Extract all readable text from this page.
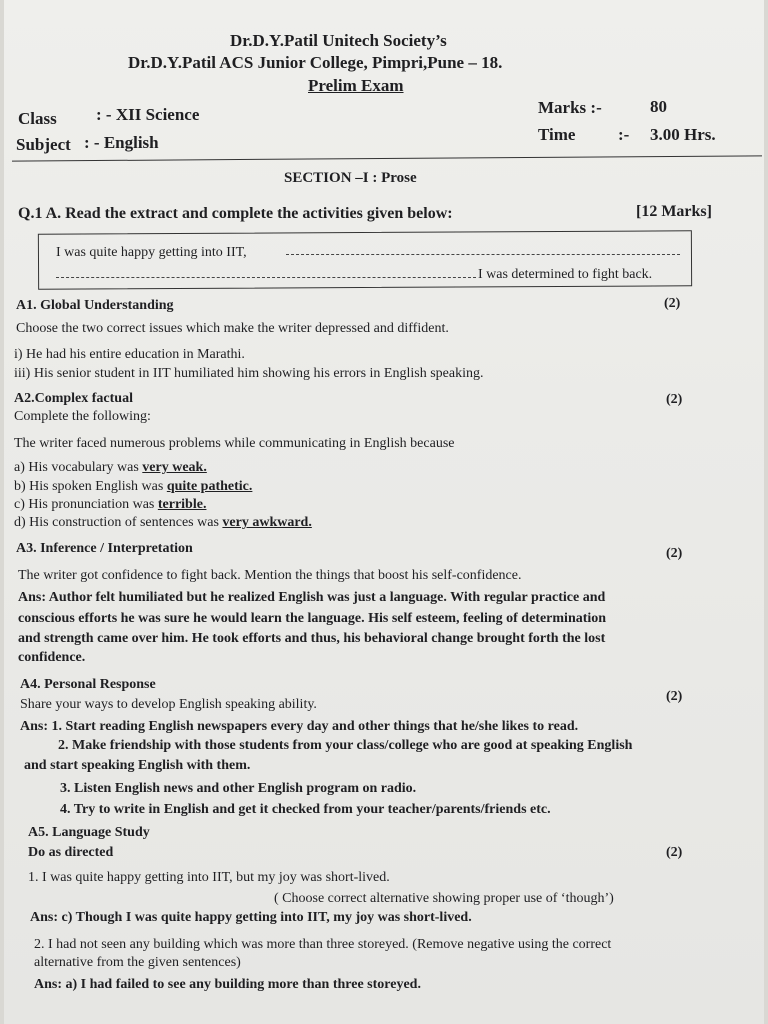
Dr.D.Y.Patil Unitech Society’s
Dr.D.Y.Patil ACS Junior College, Pimpri,Pune – 18.
Prelim Exam
Class : - XII Science
Subject : - English
Marks :-	80
Time	:- 3.00 Hrs.
SECTION –I : Prose
Q.1 A. Read the extract and complete the activities given below:	[12 Marks]
I was quite happy getting into IIT,
I was determined to fight back.
A1. Global Understanding	(2)
Choose the two correct issues which make the writer depressed and diffident.
i) He had his entire education in Marathi.
iii) His senior student in IIT humiliated him showing his errors in English speaking.
A2.Complex factual	(2)
Complete the following:
The writer faced numerous problems while communicating in English because
a) His vocabulary was very weak.
b) His spoken English was quite pathetic.
c) His pronunciation was terrible.
d) His construction of sentences was very awkward.
A3. Inference / Interpretation	(2)
The writer got confidence to fight back. Mention the things that boost his self-confidence.
Ans: Author felt humiliated but he realized English was just a language. With regular practice and
conscious efforts he was sure he would learn the language. His self esteem, feeling of determination
and strength came over him. He took efforts and thus, his behavioral change brought forth the lost
confidence.
A4. Personal Response
(2)
Share your ways to develop English speaking ability.
Ans: 1. Start reading English newspapers every day and other things that he/she likes to read.
2. Make friendship with those students from your class/college who are good at speaking English
and start speaking English with them.
3. Listen English news and other English program on radio.
4. Try to write in English and get it checked from your teacher/parents/friends etc.
A5. Language Study
Do as directed	(2)
1. I was quite happy getting into IIT, but my joy was short-lived.
( Choose correct alternative showing proper use of ‘though’)
Ans: c) Though I was quite happy getting into IIT, my joy was short-lived.
2. I had not seen any building which was more than three storeyed. (Remove negative using the correct
alternative from the given sentences)
Ans: a) I had failed to see any building more than three storeyed.
